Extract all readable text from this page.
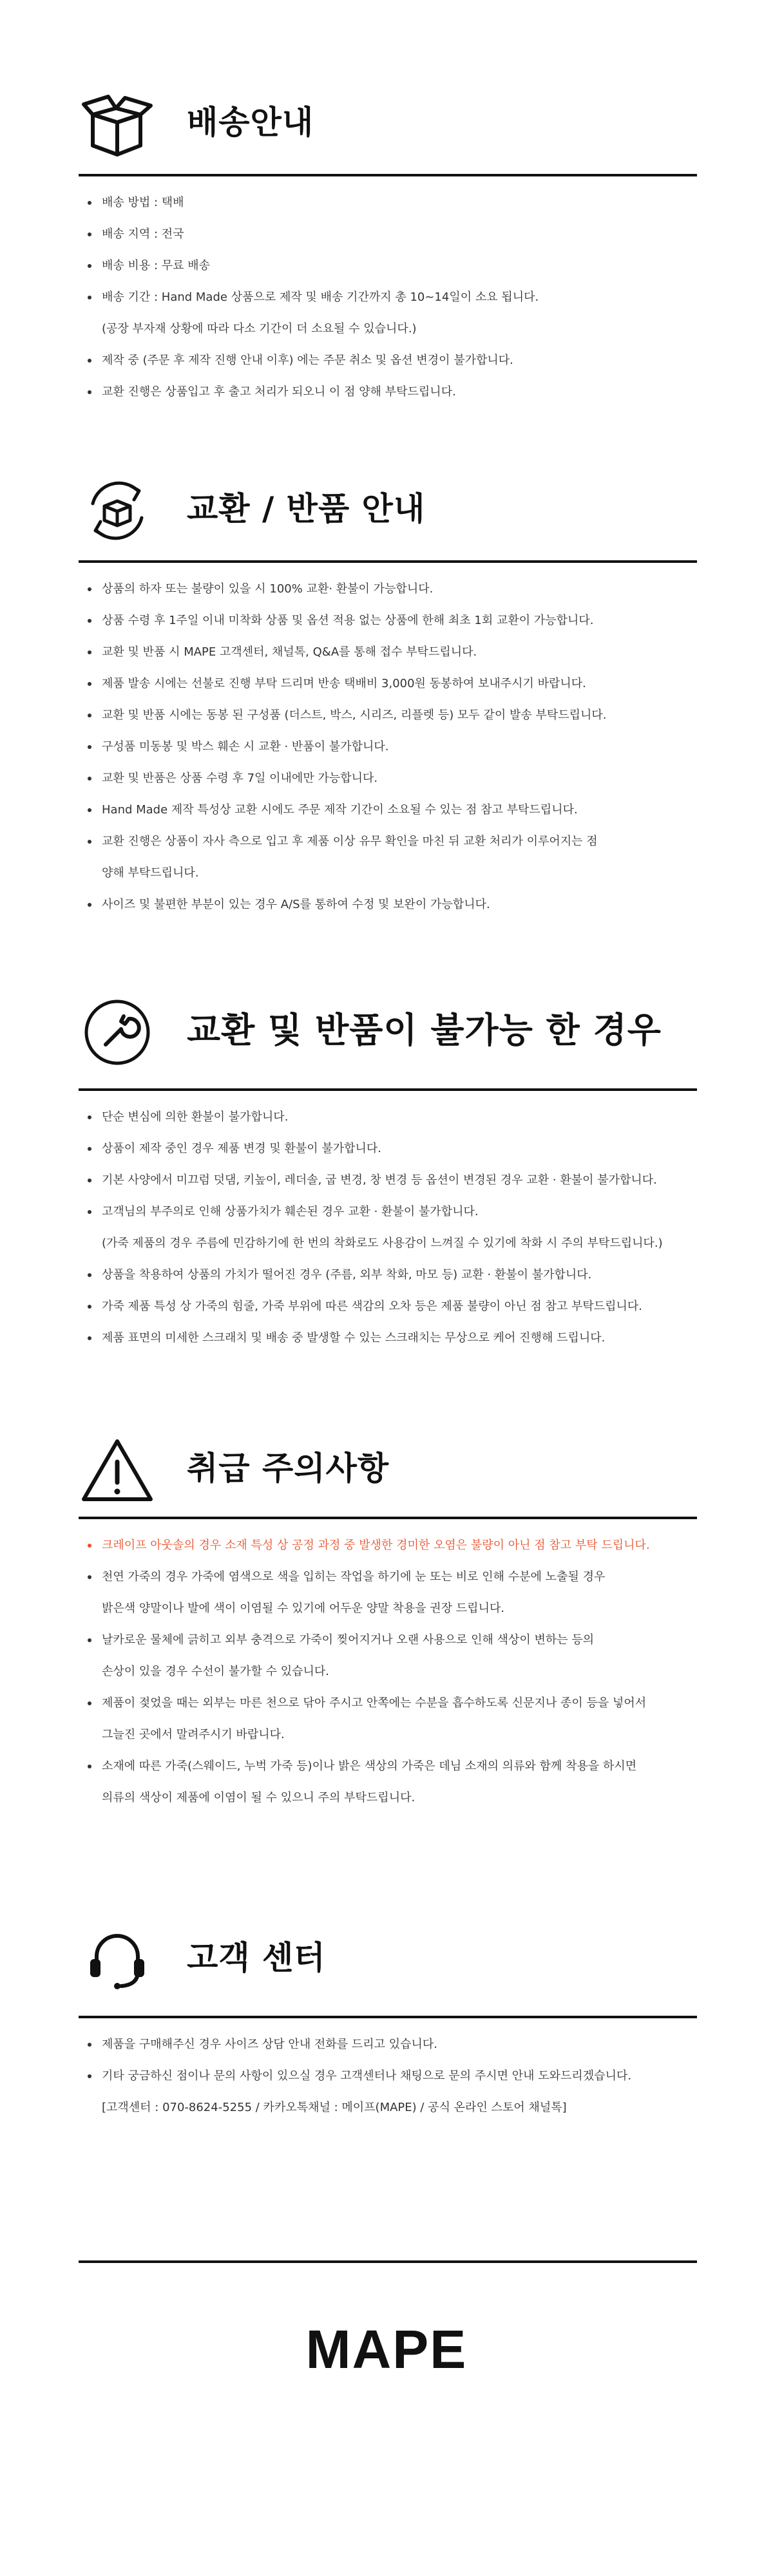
배송안내
배송 방법 : 택배
배송 지역 : 전국
배송 비용 : 무료 배송
배송 기간 : Hand Made 상품으로 제작 및 배송 기간까지 총 10~14일이 소요 됩니다.
(공장 부자재 상황에 따라 다소 기간이 더 소요될 수 있습니다.)
제작 중 (주문 후 제작 진행 안내 이후) 에는 주문 취소 및 옵션 변경이 불가합니다.
교환 진행은 상품입고 후 출고 처리가 되오니 이 점 양해 부탁드립니다.
교환 / 반품 안내
상품의 하자 또는 불량이 있을 시 100% 교환· 환불이 가능합니다.
상품 수령 후 1주일 이내 미착화 상품 및 옵션 적용 없는 상품에 한해 최초 1회 교환이 가능합니다.
교환 및 반품 시 MAPE 고객센터, 채널톡, Q&A를 통해 접수 부탁드립니다.
제품 발송 시에는 선불로 진행 부탁 드리며 반송 택배비 3,000원 동봉하여 보내주시기 바랍니다.
교환 및 반품 시에는 동봉 된 구성품 (더스트, 박스, 시리즈, 리플렛 등) 모두 같이 발송 부탁드립니다.
구성품 미동봉 및 박스 훼손 시 교환 · 반품이 불가합니다.
교환 및 반품은 상품 수령 후 7일 이내에만 가능합니다.
Hand Made 제작 특성상 교환 시에도 주문 제작 기간이 소요될 수 있는 점 참고 부탁드립니다.
교환 진행은 상품이 자사 측으로 입고 후 제품 이상 유무 확인을 마친 뒤 교환 처리가 이루어지는 점
양해 부탁드립니다.
사이즈 및 불편한 부분이 있는 경우 A/S를 통하여 수정 및 보완이 가능합니다.
교환 및 반품이 불가능 한 경우
단순 변심에 의한 환불이 불가합니다.
상품이 제작 중인 경우 제품 변경 및 환불이 불가합니다.
기본 사양에서 미끄럼 덧댐, 키높이, 레더솔, 굽 변경, 창 변경 등 옵션이 변경된 경우 교환 · 환불이 불가합니다.
고객님의 부주의로 인해 상품가치가 훼손된 경우 교환 · 환불이 불가합니다.
(가죽 제품의 경우 주름에 민감하기에 한 번의 착화로도 사용감이 느껴질 수 있기에 착화 시 주의 부탁드립니다.)
상품을 착용하여 상품의 가치가 떨어진 경우 (주름, 외부 착화, 마모 등) 교환 · 환불이 불가합니다.
가죽 제품 특성 상 가죽의 힘줄, 가죽 부위에 따른 색감의 오차 등은 제품 불량이 아닌 점 참고 부탁드립니다.
제품 표면의 미세한 스크래치 및 배송 중 발생할 수 있는 스크래치는 무상으로 케어 진행해 드립니다.
취급 주의사항
크레이프 아웃솔의 경우 소재 특성 상 공정 과정 중 발생한 경미한 오염은 불량이 아닌 점 참고 부탁 드립니다.
천연 가죽의 경우 가죽에 염색으로 색을 입히는 작업을 하기에 눈 또는 비로 인해 수분에 노출될 경우
밝은색 양말이나 발에 색이 이염될 수 있기에 어두운 양말 착용을 권장 드립니다.
날카로운 물체에 긁히고 외부 충격으로 가죽이 찢어지거나 오랜 사용으로 인해 색상이 변하는 등의
손상이 있을 경우 수선이 불가할 수 있습니다.
제품이 젖었을 때는 외부는 마른 천으로 닦아 주시고 안쪽에는 수분을 흡수하도록 신문지나 종이 등을 넣어서
그늘진 곳에서 말려주시기 바랍니다.
소재에 따른 가죽(스웨이드, 누벅 가죽 등)이나 밝은 색상의 가죽은 데님 소재의 의류와 함께 착용을 하시면
의류의 색상이 제품에 이염이 될 수 있으니 주의 부탁드립니다.
고객 센터
제품을 구매해주신 경우 사이즈 상담 안내 전화를 드리고 있습니다.
기타 궁금하신 점이나 문의 사항이 있으실 경우 고객센터나 채팅으로 문의 주시면 안내 도와드리겠습니다.
[고객센터 : 070-8624-5255 / 카카오톡채널 : 메이프(MAPE) / 공식 온라인 스토어 채널톡]
MAPE
